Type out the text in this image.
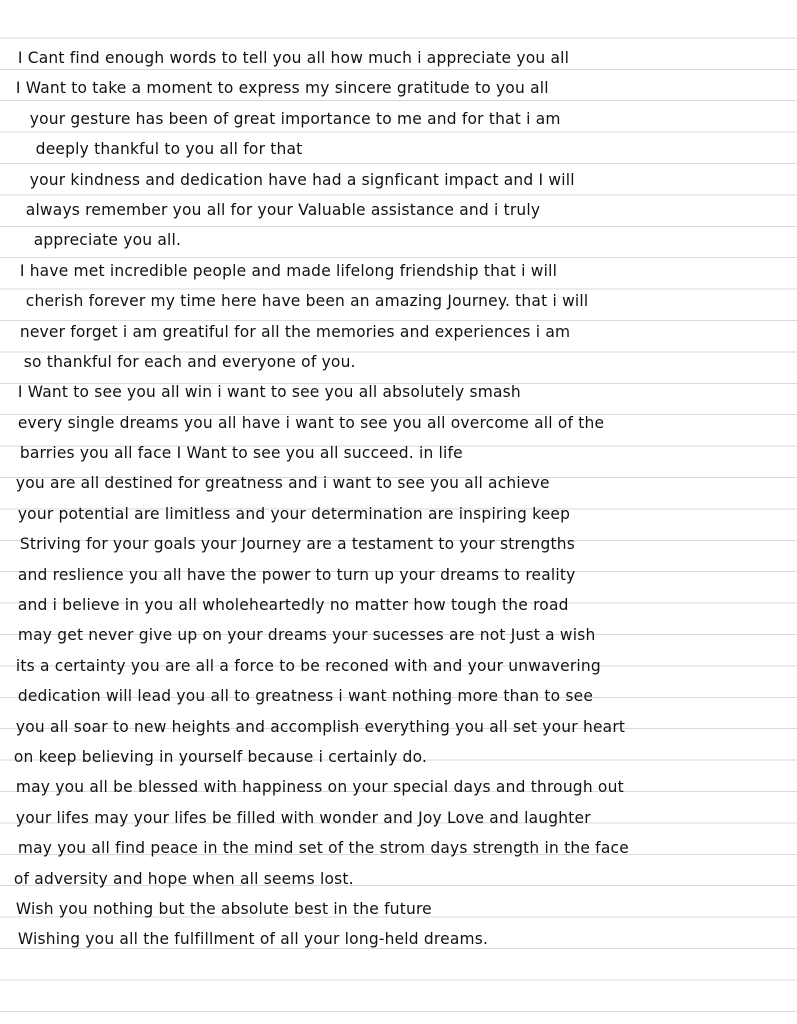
I Cant find enough words to tell you all how much i appreciate you all
I Want to take a moment to express my sincere gratitude to you all
your gesture has been of great importance to me and for that i am
deeply thankful to you all for that
your kindness and dedication have had a signficant impact and I will
always remember you all for your Valuable assistance and i truly
appreciate you all.
I have met incredible people and made lifelong friendship that i will
cherish forever my time here have been an amazing Journey. that i will
never forget i am greatiful for all the memories and experiences i am
so thankful for each and everyone of you.
I Want to see you all win i want to see you all absolutely smash
every single dreams you all have i want to see you all overcome all of the
barries you all face I Want to see you all succeed. in life
you are all destined for greatness and i want to see you all achieve
your potential are limitless and your determination are inspiring keep
Striving for your goals your Journey are a testament to your strengths
and reslience you all have the power to turn up your dreams to reality
and i believe in you all wholeheartedly no matter how tough the road
may get never give up on your dreams your sucesses are not Just a wish
its a certainty you are all a force to be reconed with and your unwavering
dedication will lead you all to greatness i want nothing more than to see
you all soar to new heights and accomplish everything you all set your heart
on keep believing in yourself because i certainly do.
may you all be blessed with happiness on your special days and through out
your lifes may your lifes be filled with wonder and Joy Love and laughter
may you all find peace in the mind set of the strom days strength in the face
of adversity and hope when all seems lost.
Wish you nothing but the absolute best in the future
Wishing you all the fulfillment of all your long-held dreams.
